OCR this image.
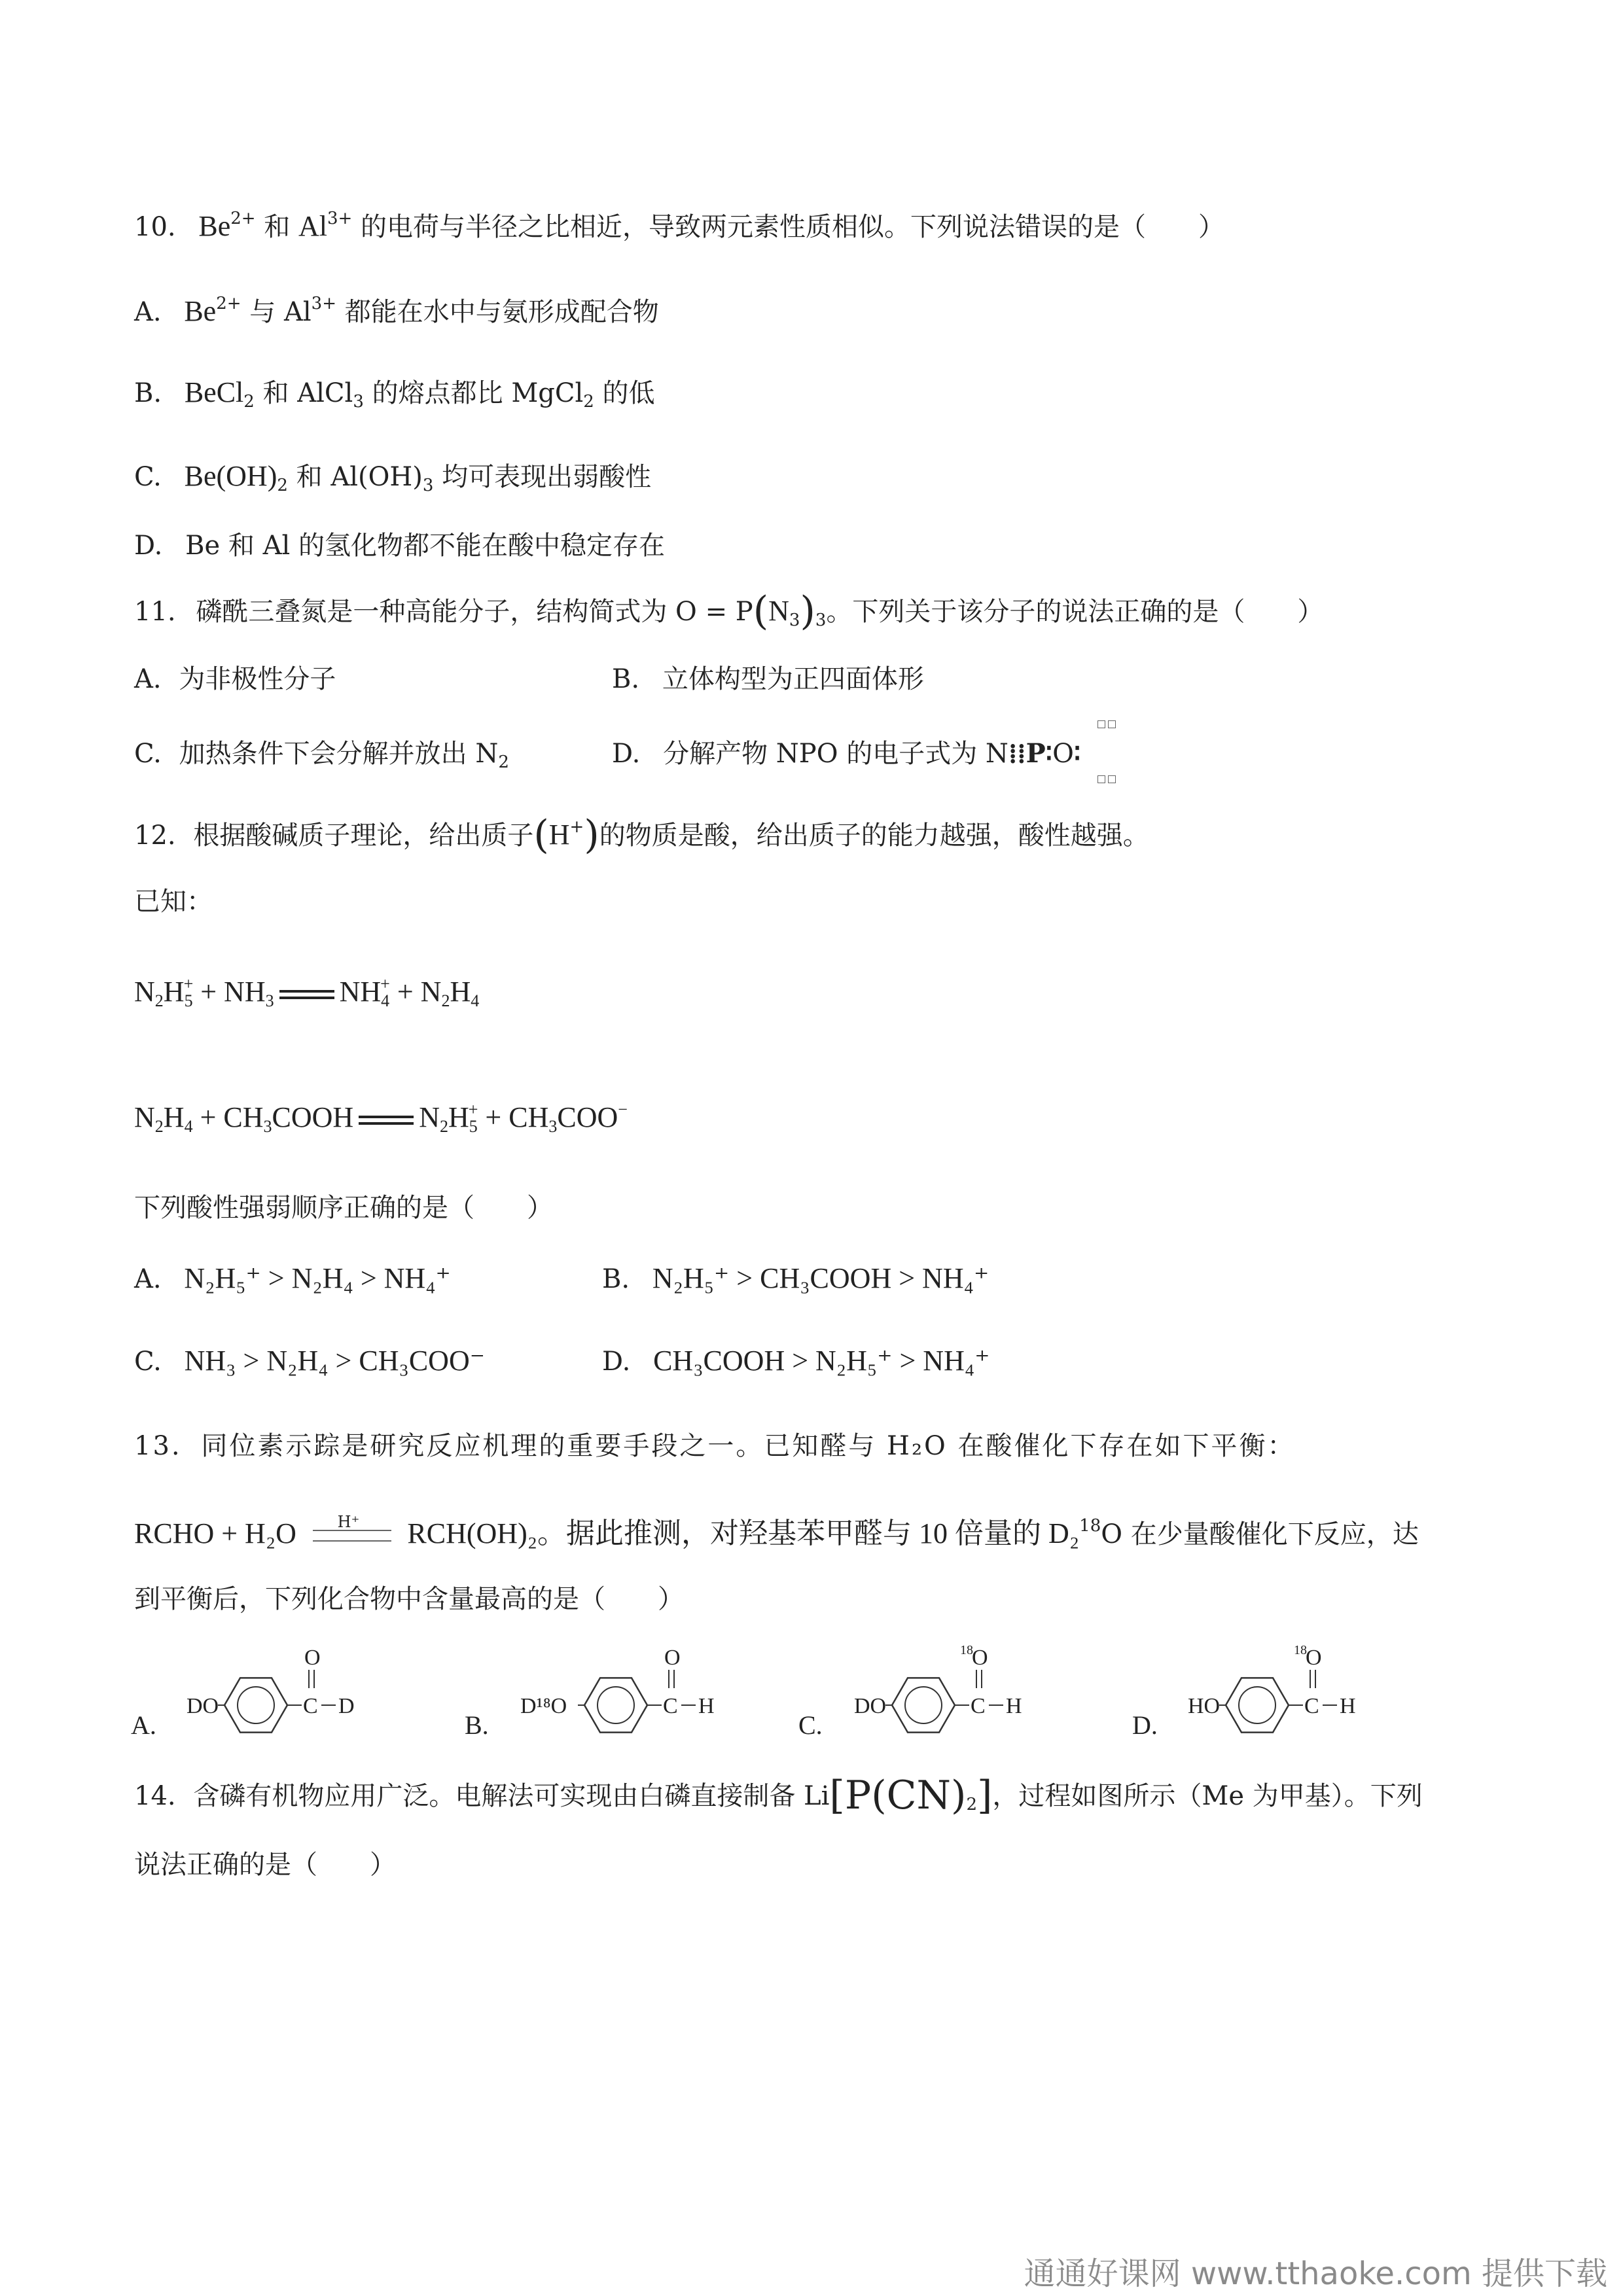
10. $Be^{2+}$ 和 $Al^{3+}$ 的电荷与半径之比相近，导致两元素性质相似。下列说法错误的是（　　）
A. $Be^{2+}$ 与 $Al^{3+}$ 都能在水中与氨形成配合物
B. BeCl$_2$ 和 AlCl$_3$ 的熔点都比 MgCl$_2$ 的低
C. $Be(OH)_2$ 和 $Al(OH)_3$ 均可表现出弱酸性
D. Be 和 Al 的氢化物都不能在酸中稳定存在
11. 磷酰三叠氮是一种高能分子，结构简式为 $O = P(N_3)_3$。下列关于该分子的说法正确的是（　　）
A. 为非极性分子	B. 立体构型为正四面体形
C. 加热条件下会分解并放出 $N_2$	D. 分解产物 NPO 的电子式为 N⁞⁞P∶O∶
12. 根据酸碱质子理论，给出质子(H+)的物质是酸，给出质子的能力越强，酸性越强。
已知：
$N_2H_5^+ + NH_3$ $NH_4^+ + N_2H_4$
$N_2H_4$ + $CH_3COOH$ $N_2H_5^+ + CH_3COO^-$
下列酸性强弱顺序正确的是（　　）
A. N₂H₅⁺ > N₂H₄ > NH₄⁺	B. N₂H₅⁺ > CH₃COOH > NH₄⁺
C. NH₃ > N₂H₄ > CH₃COO⁻	D. CH₃COOH > N₂H₅⁺ > NH₄⁺
13. 同位素示踪是研究反应机理的重要手段之一。已知醛与 H₂O 在酸催化下存在如下平衡：
RCHO + H₂O	H⁺ RCH(OH)₂。据此推测，对羟基苯甲醛与 10 倍量的 D₂$^{18}$O 在少量酸催化下反应，达
到平衡后，下列化合物中含量最高的是（　　）
A.
DO	C
O
D
B.
D¹⁸O	C
O
H
C.
DO	C
18
O
H
D.
HO	C
18
O
H
14. 含磷有机物应用广泛。电解法可实现由白磷直接制备 $Li[P(CN)_2]$，过程如图所示（Me 为甲基）。下列
说法正确的是（　　）
通通好课网 www.tthaoke.com 提供下载
